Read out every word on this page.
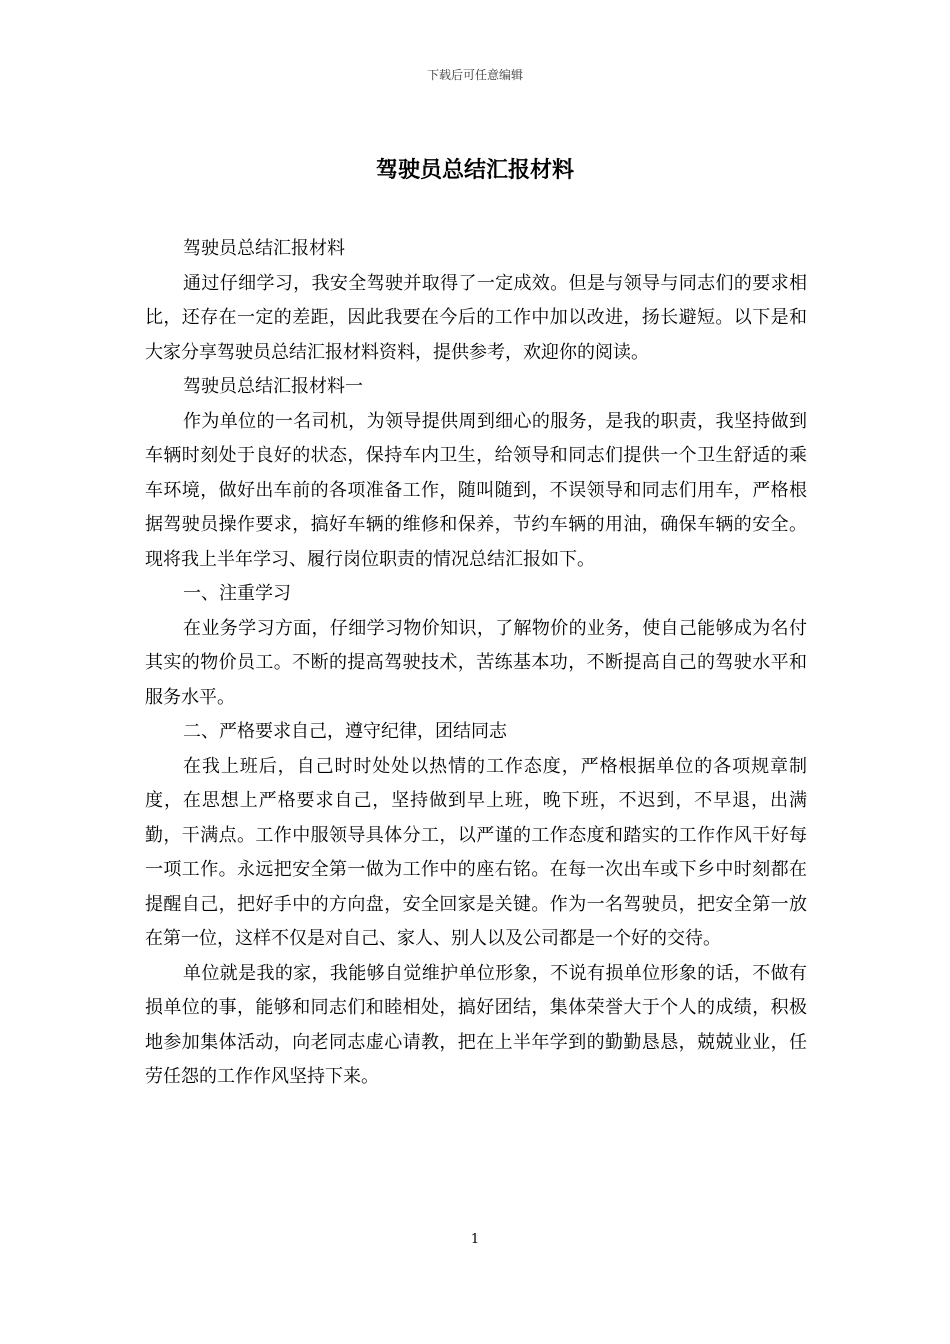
下载后可任意编辑
驾驶员总结汇报材料

驾驶员总结汇报材料

通过仔细学习，我安全驾驶并取得了一定成效。但是与领导与同志们的要求相比，还存在一定的差距，因此我要在今后的工作中加以改进，扬长避短。以下是和大家分享驾驶员总结汇报材料资料，提供参考，欢迎你的阅读。

驾驶员总结汇报材料一

作为单位的一名司机，为领导提供周到细心的服务，是我的职责，我坚持做到车辆时刻处于良好的状态，保持车内卫生，给领导和同志们提供一个卫生舒适的乘车环境，做好出车前的各项准备工作，随叫随到，不误领导和同志们用车，严格根据驾驶员操作要求，搞好车辆的维修和保养，节约车辆的用油，确保车辆的安全。现将我上半年学习、履行岗位职责的情况总结汇报如下。

一、注重学习

在业务学习方面，仔细学习物价知识，了解物价的业务，使自己能够成为名付其实的物价员工。不断的提高驾驶技术，苦练基本功，不断提高自己的驾驶水平和服务水平。

二、严格要求自己，遵守纪律，团结同志

在我上班后，自己时时处处以热情的工作态度，严格根据单位的各项规章制度，在思想上严格要求自己，坚持做到早上班，晚下班，不迟到，不早退，出满勤，干满点。工作中服领导具体分工，以严谨的工作态度和踏实的工作作风干好每一项工作。永远把安全第一做为工作中的座右铭。在每一次出车或下乡中时刻都在提醒自己，把好手中的方向盘，安全回家是关键。作为一名驾驶员，把安全第一放在第一位，这样不仅是对自己、家人、别人以及公司都是一个好的交待。

单位就是我的家，我能够自觉维护单位形象，不说有损单位形象的话，不做有损单位的事，能够和同志们和睦相处，搞好团结，集体荣誉大于个人的成绩，积极地参加集体活动，向老同志虚心请教，把在上半年学到的勤勤恳恳，兢兢业业，任劳任怨的工作作风坚持下来。

1
